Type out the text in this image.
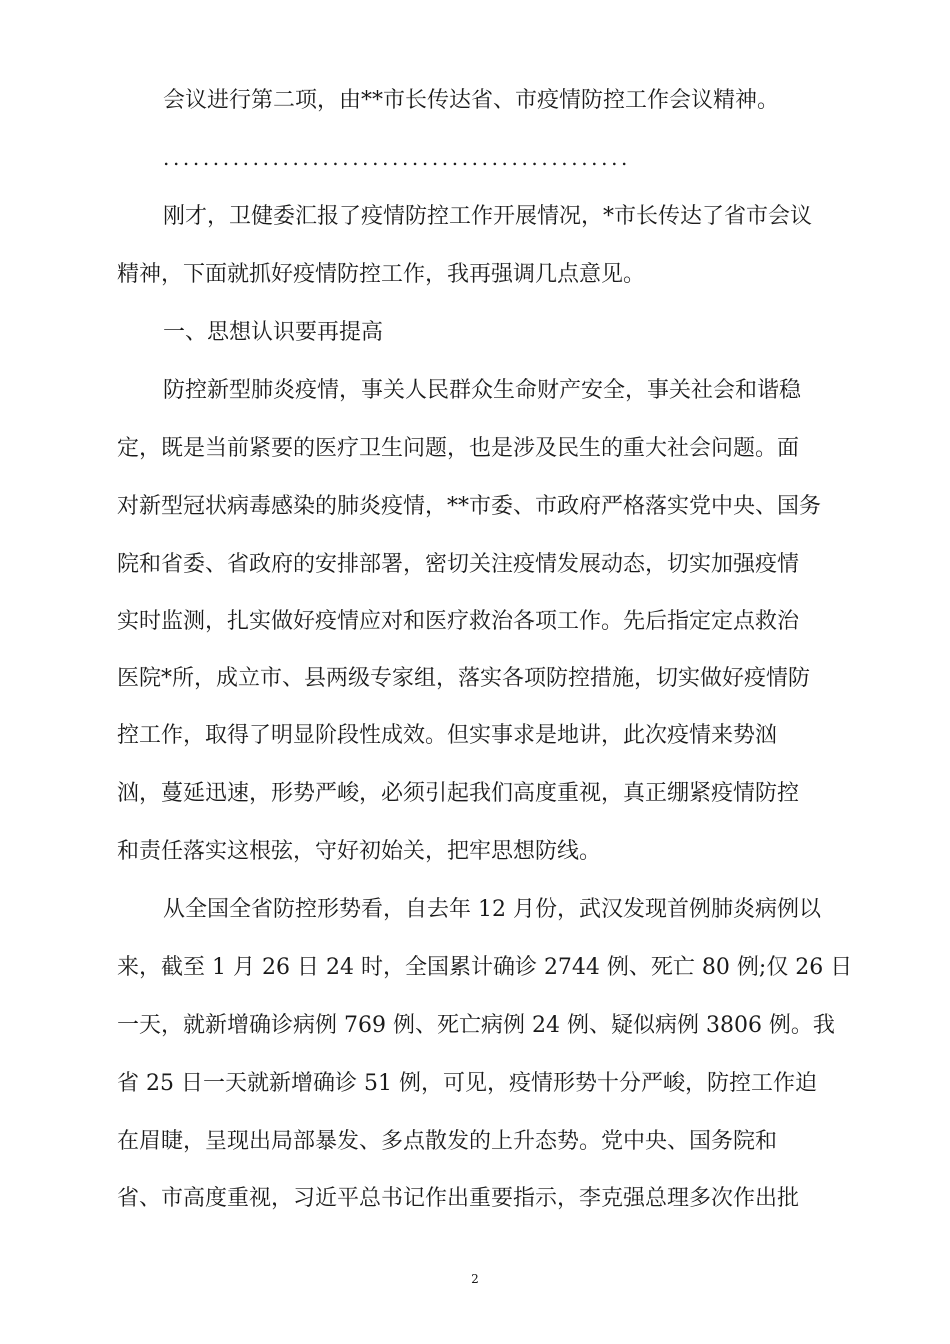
会议进行第二项，由**市长传达省、市疫情防控工作会议精神。

...............................................

刚才，卫健委汇报了疫情防控工作开展情况，*市长传达了省市会议

精神，下面就抓好疫情防控工作，我再强调几点意见。

一、思想认识要再提高

防控新型肺炎疫情，事关人民群众生命财产安全，事关社会和谐稳

定，既是当前紧要的医疗卫生问题，也是涉及民生的重大社会问题。面

对新型冠状病毒感染的肺炎疫情，**市委、市政府严格落实党中央、国务

院和省委、省政府的安排部署，密切关注疫情发展动态，切实加强疫情

实时监测，扎实做好疫情应对和医疗救治各项工作。先后指定定点救治

医院*所，成立市、县两级专家组，落实各项防控措施，切实做好疫情防

控工作，取得了明显阶段性成效。但实事求是地讲，此次疫情来势汹

汹，蔓延迅速，形势严峻，必须引起我们高度重视，真正绷紧疫情防控

和责任落实这根弦，守好初始关，把牢思想防线。

从全国全省防控形势看，自去年 12 月份，武汉发现首例肺炎病例以

来，截至 1 月 26 日 24 时，全国累计确诊 2744 例、死亡 80 例;仅 26 日

一天，就新增确诊病例 769 例、死亡病例 24 例、疑似病例 3806 例。我

省 25 日一天就新增确诊 51 例，可见，疫情形势十分严峻，防控工作迫

在眉睫，呈现出局部暴发、多点散发的上升态势。党中央、国务院和

省、市高度重视，习近平总书记作出重要指示，李克强总理多次作出批

2
